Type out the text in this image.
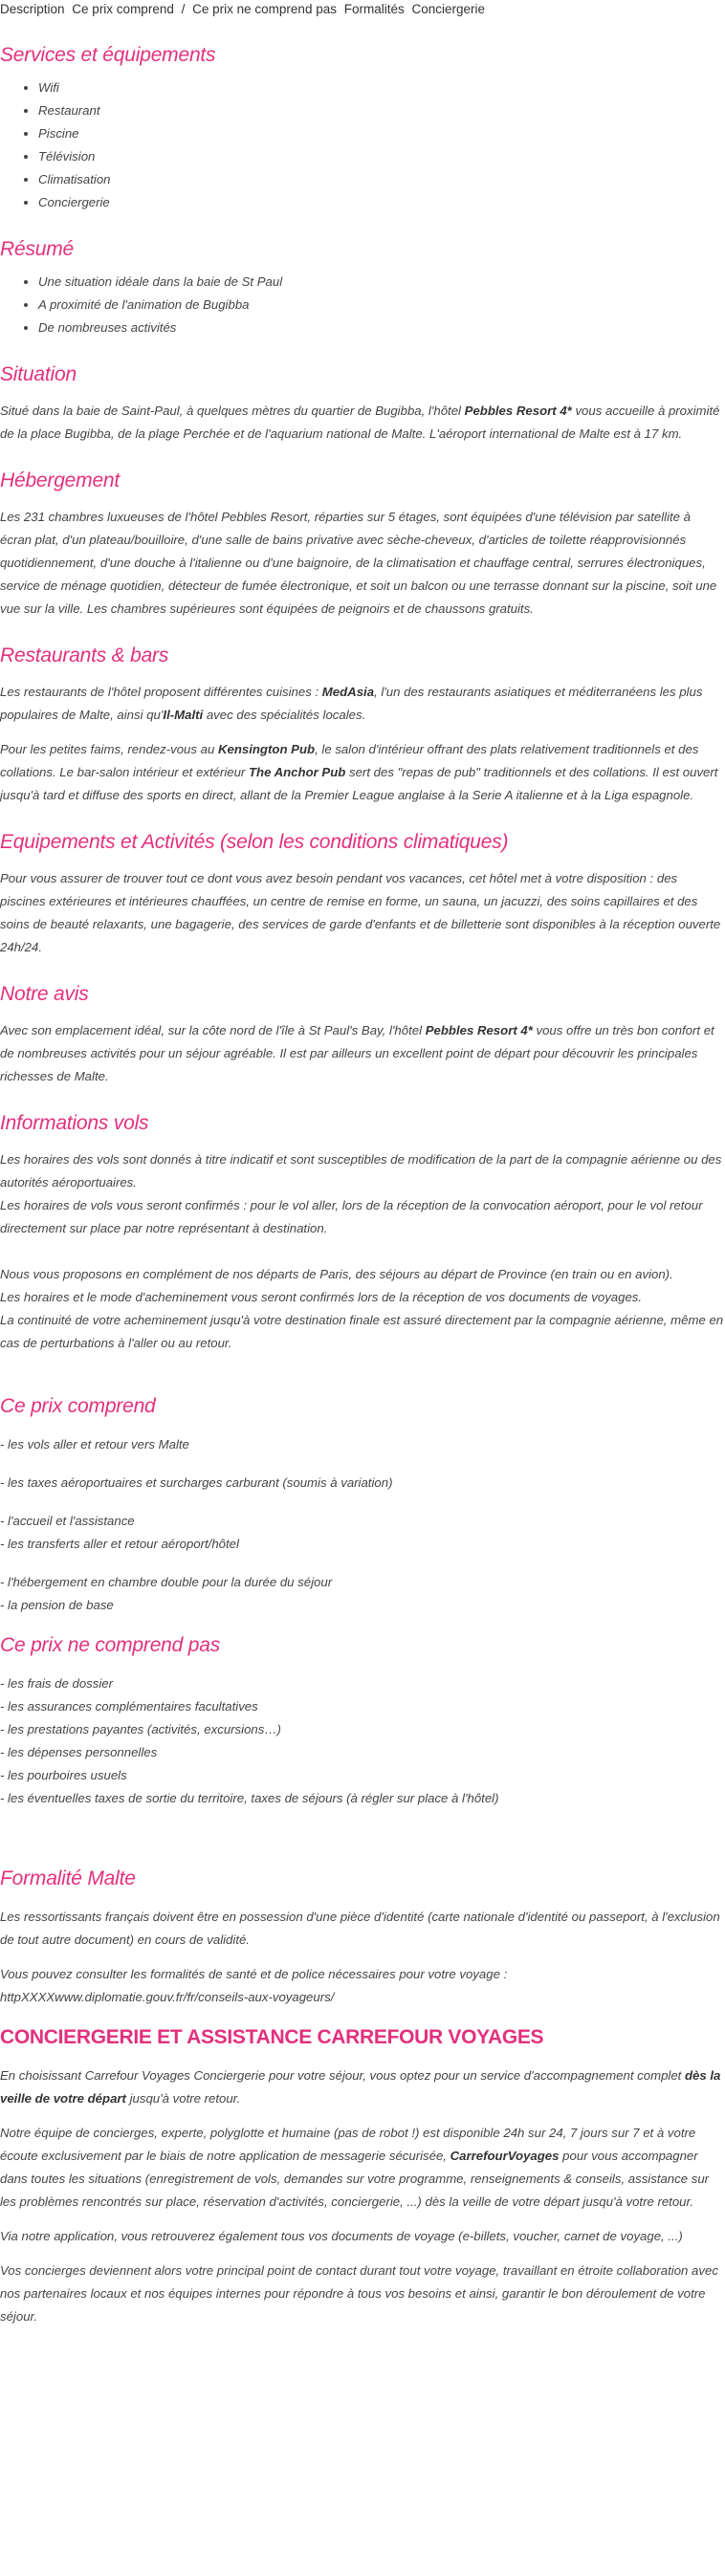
Description Ce prix comprend / Ce prix ne comprend pas Formalités Conciergerie
Services et équipements
• Wifi
• Restaurant
• Piscine
• Télévision
• Climatisation
• Conciergerie
Résumé
• Une situation idéale dans la baie de St Paul
• A proximité de l'animation de Bugibba
• De nombreuses activités
Situation

Situé dans la baie de Saint-Paul, à quelques mètres du quartier de Bugibba, l'hôtel Pebbles Resort 4* vous accueille à proximité de la place Bugibba, de la plage Perchée et de l'aquarium national de Malte. L'aéroport international de Malte est à 17 km.

Hébergement

Les 231 chambres luxueuses de l'hôtel Pebbles Resort, réparties sur 5 étages, sont équipées d'une télévision par satellite à écran plat, d'un plateau/bouilloire, d'une salle de bains privative avec sèche-cheveux, d'articles de toilette réapprovisionnés quotidiennement, d'une douche à l'italienne ou d'une baignoire, de la climatisation et chauffage central, serrures électroniques, service de ménage quotidien, détecteur de fumée électronique, et soit un balcon ou une terrasse donnant sur la piscine, soit une vue sur la ville. Les chambres supérieures sont équipées de peignoirs et de chaussons gratuits.

Restaurants & bars

Les restaurants de l'hôtel proposent différentes cuisines : MedAsia, l'un des restaurants asiatiques et méditerranéens les plus populaires de Malte, ainsi qu'Il-Malti avec des spécialités locales.

Pour les petites faims, rendez-vous au Kensington Pub, le salon d'intérieur offrant des plats relativement traditionnels et des collations. Le bar-salon intérieur et extérieur The Anchor Pub sert des "repas de pub" traditionnels et des collations. Il est ouvert jusqu'à tard et diffuse des sports en direct, allant de la Premier League anglaise à la Serie A italienne et à la Liga espagnole.

Equipements et Activités (selon les conditions climatiques)

Pour vous assurer de trouver tout ce dont vous avez besoin pendant vos vacances, cet hôtel met à votre disposition : des piscines extérieures et intérieures chauffées, un centre de remise en forme, un sauna, un jacuzzi, des soins capillaires et des soins de beauté relaxants, une bagagerie, des services de garde d'enfants et de billetterie sont disponibles à la réception ouverte 24h/24.

Notre avis

Avec son emplacement idéal, sur la côte nord de l'île à St Paul's Bay, l'hôtel Pebbles Resort 4* vous offre un très bon confort et de nombreuses activités pour un séjour agréable. Il est par ailleurs un excellent point de départ pour découvrir les principales richesses de Malte.

Informations vols

Les horaires des vols sont donnés à titre indicatif et sont susceptibles de modification de la part de la compagnie aérienne ou des autorités aéroportuaires.

Les horaires de vols vous seront confirmés : pour le vol aller, lors de la réception de la convocation aéroport, pour le vol retour directement sur place par notre représentant à destination.

Nous vous proposons en complément de nos départs de Paris, des séjours au départ de Province (en train ou en avion).

Les horaires et le mode d'acheminement vous seront confirmés lors de la réception de vos documents de voyages.

La continuité de votre acheminement jusqu'à votre destination finale est assuré directement par la compagnie aérienne, même en cas de perturbations à l'aller ou au retour.

Ce prix comprend

- les vols aller et retour vers Malte

- les taxes aéroportuaires et surcharges carburant (soumis à variation)

- l'accueil et l'assistance

- les transferts aller et retour aéroport/hôtel

- l'hébergement en chambre double pour la durée du séjour

- la pension de base

Ce prix ne comprend pas

- les frais de dossier

- les assurances complémentaires facultatives

- les prestations payantes (activités, excursions…)

- les dépenses personnelles

- les pourboires usuels

- les éventuelles taxes de sortie du territoire, taxes de séjours (à régler sur place à l'hôtel)

Formalité Malte

Les ressortissants français doivent être en possession d'une pièce d'identité (carte nationale d'identité ou passeport, à l'exclusion de tout autre document) en cours de validité.

Vous pouvez consulter les formalités de santé et de police nécessaires pour votre voyage :

httpXXXXwww.diplomatie.gouv.fr/fr/conseils-aux-voyageurs/

CONCIERGERIE ET ASSISTANCE CARREFOUR VOYAGES

En choisissant Carrefour Voyages Conciergerie pour votre séjour, vous optez pour un service d'accompagnement complet dès la veille de votre départ jusqu'à votre retour.

Notre équipe de concierges, experte, polyglotte et humaine (pas de robot !) est disponible 24h sur 24, 7 jours sur 7 et à votre écoute exclusivement par le biais de notre application de messagerie sécurisée, CarrefourVoyages pour vous accompagner dans toutes les situations (enregistrement de vols, demandes sur votre programme, renseignements & conseils, assistance sur les problèmes rencontrés sur place, réservation d'activités, conciergerie, ...) dès la veille de votre départ jusqu'à votre retour.

Via notre application, vous retrouverez également tous vos documents de voyage (e-billets, voucher, carnet de voyage, ...)

Vos concierges deviennent alors votre principal point de contact durant tout votre voyage, travaillant en étroite collaboration avec nos partenaires locaux et nos équipes internes pour répondre à tous vos besoins et ainsi, garantir le bon déroulement de votre séjour.
